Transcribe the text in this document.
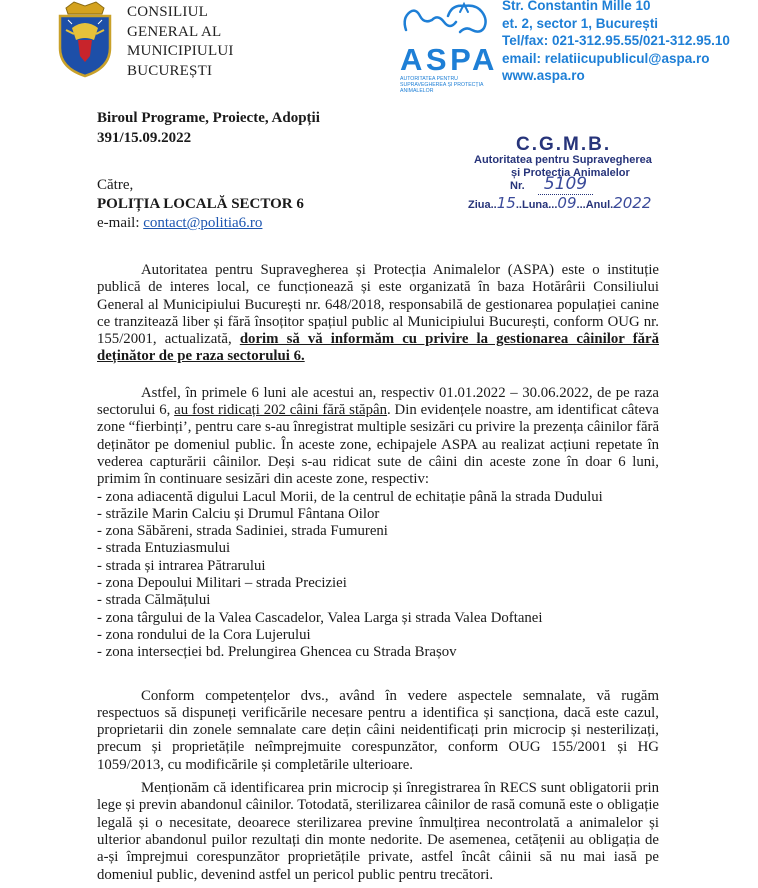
CONSILIUL
GENERAL AL
MUNICIPIULUI
BUCUREȘTI	ASPA
AUTORITATEA PENTRU SUPRAVEGHEREA ȘI PROTECȚIA ANIMALELOR
Str. Constantin Mille 10
et. 2, sector 1, București
Tel/fax: 021-312.95.55/021-312.95.10
email: relatiicupublicul@aspa.ro
www.aspa.ro
Biroul Programe, Proiecte, Adopții
391/15.09.2022	C.G.M.B.
Autoritatea pentru Supravegherea
și Protecția Animalelor
Nr.	5109
Ziua..15..Luna...09...Anul.2022
Către,
POLIȚIA LOCALĂ SECTOR 6
e-mail: contact@politia6.ro

Autoritatea pentru Supravegherea și Protecția Animalelor (ASPA) este o instituție publică de interes local, ce funcționează și este organizată în baza Hotărârii Consiliului General al Municipiului București nr. 648/2018, responsabilă de gestionarea populației canine ce tranzitează liber și fără însoțitor spațiul public al Municipiului București, conform OUG nr. 155/2001, actualizată, dorim să vă informăm cu privire la gestionarea câinilor fără deținător de pe raza sectorului 6.

Astfel, în primele 6 luni ale acestui an, respectiv 01.01.2022 – 30.06.2022, de pe raza sectorului 6, au fost ridicați 202 câini fără stăpân. Din evidențele noastre, am identificat câteva zone “fierbinți’, pentru care s-au înregistrat multiple sesizări cu privire la prezența câinilor fără deținător pe domeniul public. În aceste zone, echipajele ASPA au realizat acțiuni repetate în vederea capturării câinilor. Deși s-au ridicat sute de câini din aceste zone în doar 6 luni, primim în continuare sesizări din aceste zone, respectiv:

- zona adiacentă digului Lacul Morii, de la centrul de echitație până la strada Dudului
- străzile Marin Calciu și Drumul Fântana Oilor
- zona Săbăreni, strada Sadiniei, strada Fumureni
- strada Entuziasmului
- strada și intrarea Pătrarului
- zona Depoului Militari – strada Preciziei
- strada Călmățului
- zona târgului de la Valea Cascadelor, Valea Larga și strada Valea Doftanei
- zona rondului de la Cora Lujerului
- zona intersecției bd. Prelungirea Ghencea cu Strada Brașov

Conform competențelor dvs., având în vedere aspectele semnalate, vă rugăm respectuos să dispuneți verificările necesare pentru a identifica și sancționa, dacă este cazul, proprietarii din zonele semnalate care dețin câini neidentificați prin microcip și nesterilizați, precum și proprietățile neîmprejmuite corespunzător, conform OUG 155/2001 și HG 1059/2013, cu modificările și completările ulterioare.

Menționăm că identificarea prin microcip și înregistrarea în RECS sunt obligatorii prin lege și previn abandonul câinilor. Totodată, sterilizarea câinilor de rasă comună este o obligație legală și o necesitate, deoarece sterilizarea previne înmulțirea necontrolată a animalelor și ulterior abandonul puilor rezultați din monte nedorite. De asemenea, cetățenii au obligația de a-și împrejmui corespunzător proprietățile private, astfel încât câinii să nu mai iasă pe domeniul public, devenind astfel un pericol public pentru trecători.
